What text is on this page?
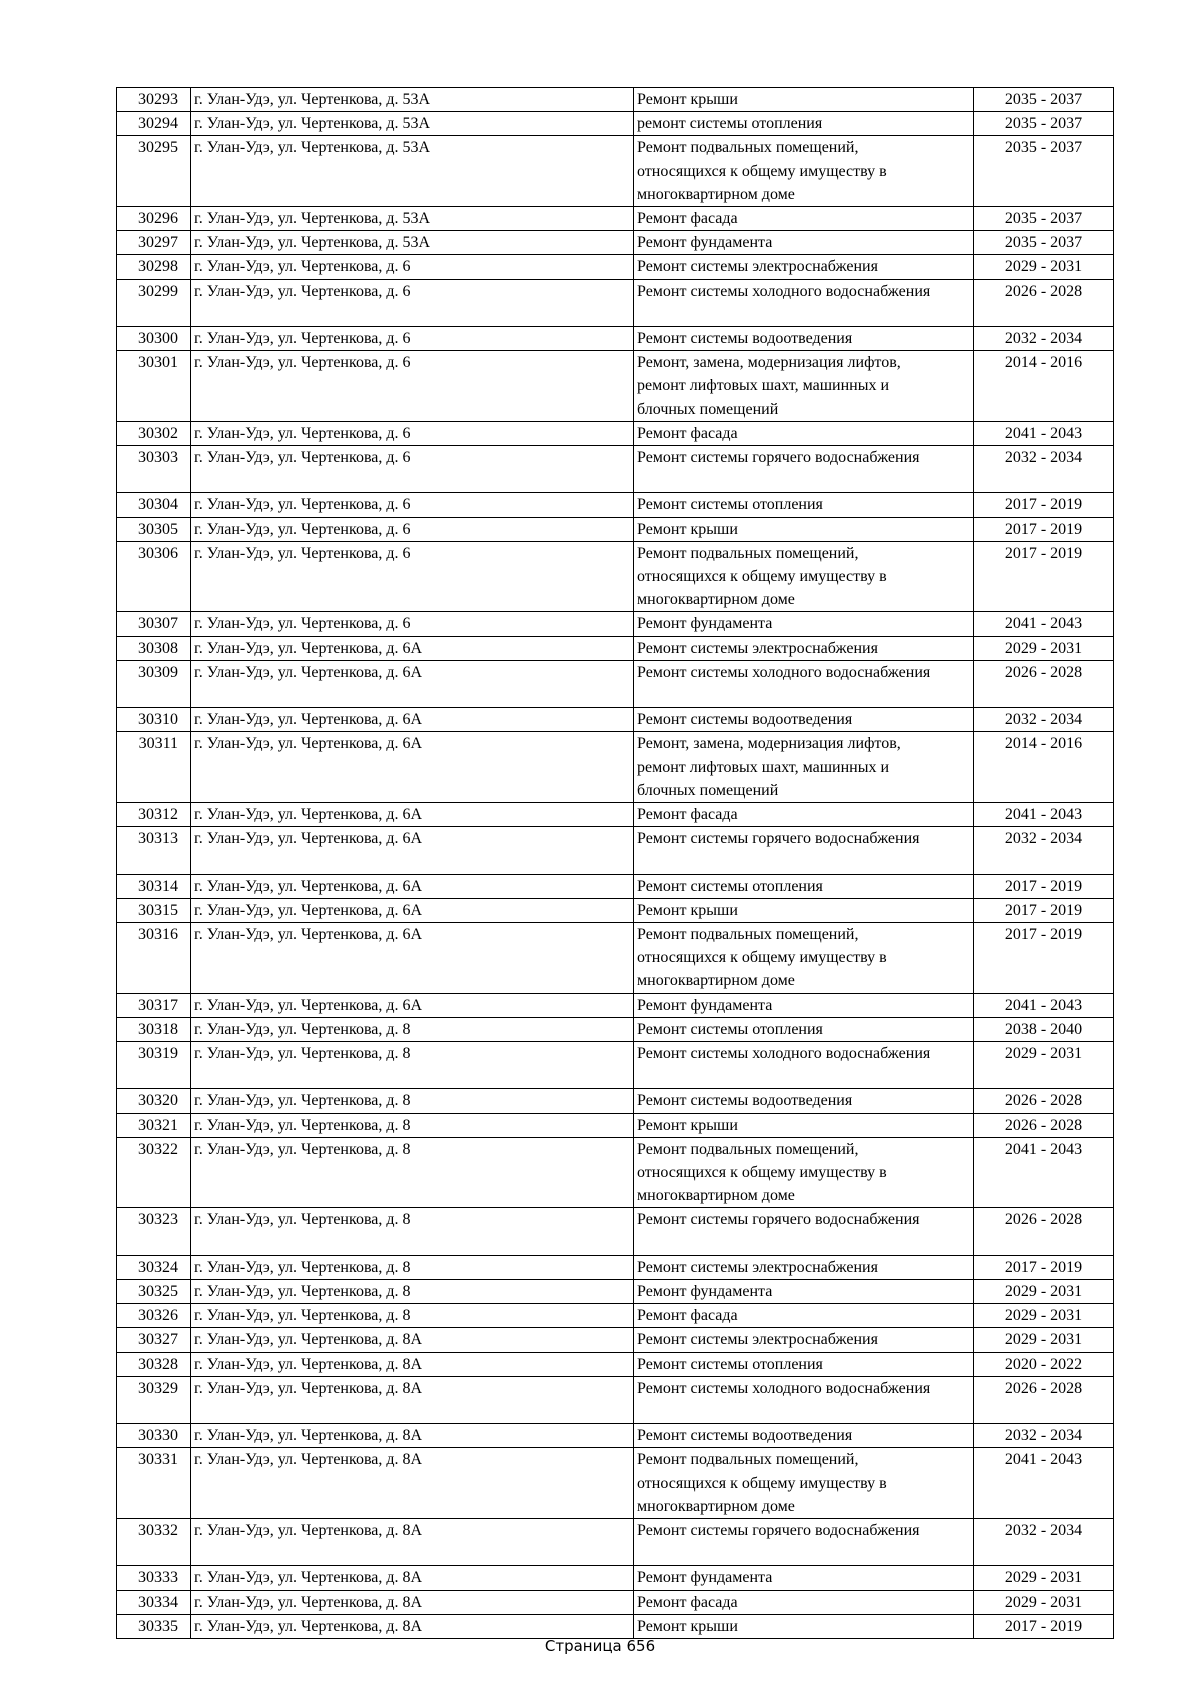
30293	г. Улан-Удэ, ул. Чертенкова, д. 53А	Ремонт крыши	2035 - 2037
30294	г. Улан-Удэ, ул. Чертенкова, д. 53А	ремонт системы отопления	2035 - 2037
30295	г. Улан-Удэ, ул. Чертенкова, д. 53А	Ремонт подвальных помещений,
относящихся к общему имуществу в
многоквартирном доме	2035 - 2037
30296	г. Улан-Удэ, ул. Чертенкова, д. 53А	Ремонт фасада	2035 - 2037
30297	г. Улан-Удэ, ул. Чертенкова, д. 53А	Ремонт фундамента	2035 - 2037
30298	г. Улан-Удэ, ул. Чертенкова, д. 6	Ремонт системы электроснабжения	2029 - 2031
30299	г. Улан-Удэ, ул. Чертенкова, д. 6	Ремонт системы холодного водоснабжения	2026 - 2028
30300	г. Улан-Удэ, ул. Чертенкова, д. 6	Ремонт системы водоотведения	2032 - 2034
30301	г. Улан-Удэ, ул. Чертенкова, д. 6	Ремонт, замена, модернизация лифтов,
ремонт лифтовых шахт, машинных и
блочных помещений	2014 - 2016
30302	г. Улан-Удэ, ул. Чертенкова, д. 6	Ремонт фасада	2041 - 2043
30303	г. Улан-Удэ, ул. Чертенкова, д. 6	Ремонт системы горячего водоснабжения	2032 - 2034
30304	г. Улан-Удэ, ул. Чертенкова, д. 6	Ремонт системы отопления	2017 - 2019
30305	г. Улан-Удэ, ул. Чертенкова, д. 6	Ремонт крыши	2017 - 2019
30306	г. Улан-Удэ, ул. Чертенкова, д. 6	Ремонт подвальных помещений,
относящихся к общему имуществу в
многоквартирном доме	2017 - 2019
30307	г. Улан-Удэ, ул. Чертенкова, д. 6	Ремонт фундамента	2041 - 2043
30308	г. Улан-Удэ, ул. Чертенкова, д. 6А	Ремонт системы электроснабжения	2029 - 2031
30309	г. Улан-Удэ, ул. Чертенкова, д. 6А	Ремонт системы холодного водоснабжения	2026 - 2028
30310	г. Улан-Удэ, ул. Чертенкова, д. 6А	Ремонт системы водоотведения	2032 - 2034
30311	г. Улан-Удэ, ул. Чертенкова, д. 6А	Ремонт, замена, модернизация лифтов,
ремонт лифтовых шахт, машинных и
блочных помещений	2014 - 2016
30312	г. Улан-Удэ, ул. Чертенкова, д. 6А	Ремонт фасада	2041 - 2043
30313	г. Улан-Удэ, ул. Чертенкова, д. 6А	Ремонт системы горячего водоснабжения	2032 - 2034
30314	г. Улан-Удэ, ул. Чертенкова, д. 6А	Ремонт системы отопления	2017 - 2019
30315	г. Улан-Удэ, ул. Чертенкова, д. 6А	Ремонт крыши	2017 - 2019
30316	г. Улан-Удэ, ул. Чертенкова, д. 6А	Ремонт подвальных помещений,
относящихся к общему имуществу в
многоквартирном доме	2017 - 2019
30317	г. Улан-Удэ, ул. Чертенкова, д. 6А	Ремонт фундамента	2041 - 2043
30318	г. Улан-Удэ, ул. Чертенкова, д. 8	Ремонт системы отопления	2038 - 2040
30319	г. Улан-Удэ, ул. Чертенкова, д. 8	Ремонт системы холодного водоснабжения	2029 - 2031
30320	г. Улан-Удэ, ул. Чертенкова, д. 8	Ремонт системы водоотведения	2026 - 2028
30321	г. Улан-Удэ, ул. Чертенкова, д. 8	Ремонт крыши	2026 - 2028
30322	г. Улан-Удэ, ул. Чертенкова, д. 8	Ремонт подвальных помещений,
относящихся к общему имуществу в
многоквартирном доме	2041 - 2043
30323	г. Улан-Удэ, ул. Чертенкова, д. 8	Ремонт системы горячего водоснабжения	2026 - 2028
30324	г. Улан-Удэ, ул. Чертенкова, д. 8	Ремонт системы электроснабжения	2017 - 2019
30325	г. Улан-Удэ, ул. Чертенкова, д. 8	Ремонт фундамента	2029 - 2031
30326	г. Улан-Удэ, ул. Чертенкова, д. 8	Ремонт фасада	2029 - 2031
30327	г. Улан-Удэ, ул. Чертенкова, д. 8А	Ремонт системы электроснабжения	2029 - 2031
30328	г. Улан-Удэ, ул. Чертенкова, д. 8А	Ремонт системы отопления	2020 - 2022
30329	г. Улан-Удэ, ул. Чертенкова, д. 8А	Ремонт системы холодного водоснабжения	2026 - 2028
30330	г. Улан-Удэ, ул. Чертенкова, д. 8А	Ремонт системы водоотведения	2032 - 2034
30331	г. Улан-Удэ, ул. Чертенкова, д. 8А	Ремонт подвальных помещений,
относящихся к общему имуществу в
многоквартирном доме	2041 - 2043
30332	г. Улан-Удэ, ул. Чертенкова, д. 8А	Ремонт системы горячего водоснабжения	2032 - 2034
30333	г. Улан-Удэ, ул. Чертенкова, д. 8А	Ремонт фундамента	2029 - 2031
30334	г. Улан-Удэ, ул. Чертенкова, д. 8А	Ремонт фасада	2029 - 2031
30335	г. Улан-Удэ, ул. Чертенкова, д. 8А	Ремонт крыши	2017 - 2019
Страница 656
